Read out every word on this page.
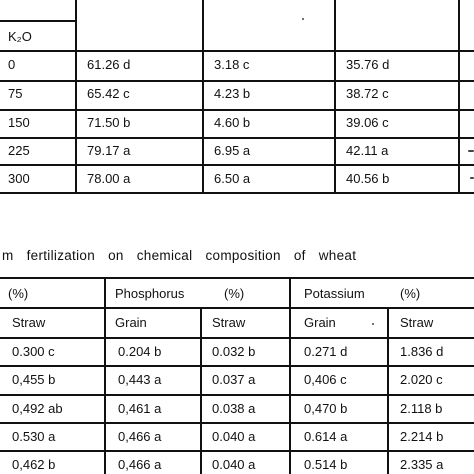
K₂O
0	61.26 d	3.18 c	35.76 d
75	65.42 c	4.23 b	38.72 c
150	71.50 b	4.60 b	39.06 c
225	79.17 a	6.95 a	42.11 a
300	78.00 a	6.50 a	40.56 b
m fertilization on chemical composition of wheat
(%)	Phosphorus	(%)	Potassium	(%)
Straw	Grain	Straw	Grain	Straw
0.300 c	0.204 b	0.032 b	0.271 d	1.836 d
0,455 b	0,443 a	0.037 a	0,406 c	2.020 c
0,492 ab	0,461 a	0.038 a	0,470 b	2.118 b
0.530 a	0,466 a	0.040 a	0.614 a	2.214 b
0,462 b	0,466 a	0.040 a	0.514 b	2.335 a
